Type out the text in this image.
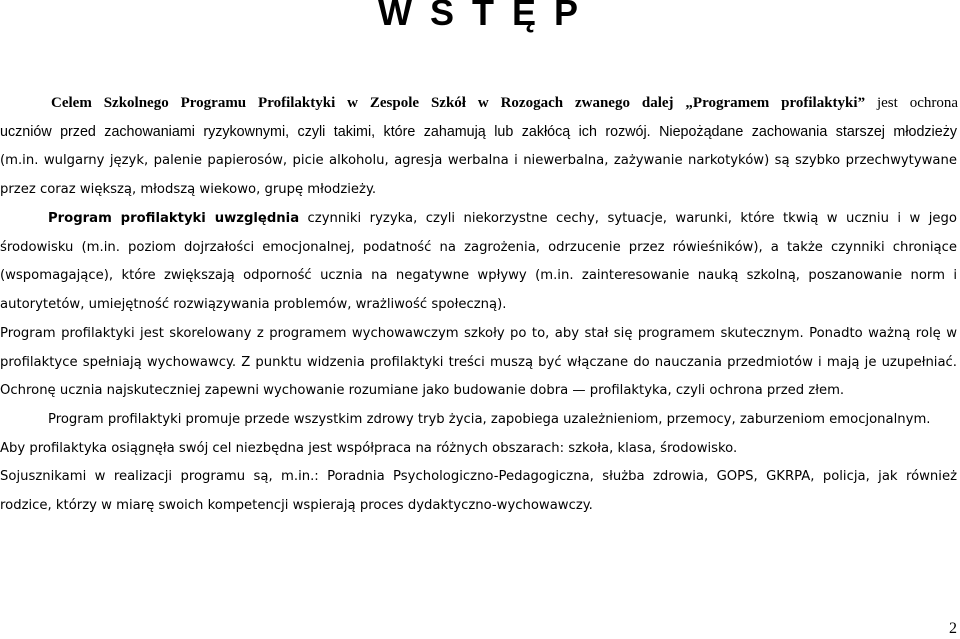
W S T Ę P

Celem Szkolnego Programu Profilaktyki w Zespole Szkół w Rozogach zwanego dalej „Programem profilaktyki” jest ochrona

uczniów przed zachowaniami ryzykownymi, czyli takimi, które zahamują lub zakłócą ich rozwój. Niepożądane zachowania starszej młodzieży

(m.in. wulgarny język, palenie papierosów, picie alkoholu, agresja werbalna i niewerbalna, zażywanie narkotyków) są szybko przechwytywane

przez coraz większą, młodszą wiekowo, grupę młodzieży.

Program profilaktyki uwzględnia czynniki ryzyka, czyli niekorzystne cechy, sytuacje, warunki, które tkwią w uczniu i w jego

środowisku (m.in. poziom dojrzałości emocjonalnej, podatność na zagrożenia, odrzucenie przez rówieśników), a także czynniki chroniące

(wspomagające), które zwiększają odporność ucznia na negatywne wpływy (m.in. zainteresowanie nauką szkolną, poszanowanie norm i

autorytetów, umiejętność rozwiązywania problemów, wrażliwość społeczną).

Program profilaktyki jest skorelowany z programem wychowawczym szkoły po to, aby stał się programem skutecznym. Ponadto ważną rolę w

profilaktyce spełniają wychowawcy. Z punktu widzenia profilaktyki treści muszą być włączane do nauczania przedmiotów i mają je uzupełniać.

Ochronę ucznia najskuteczniej zapewni wychowanie rozumiane jako budowanie dobra — profilaktyka, czyli ochrona przed złem.

Program profilaktyki promuje przede wszystkim zdrowy tryb życia, zapobiega uzależnieniom, przemocy, zaburzeniom emocjonalnym.

Aby profilaktyka osiągnęła swój cel niezbędna jest współpraca na różnych obszarach: szkoła, klasa, środowisko.

Sojusznikami w realizacji programu są, m.in.: Poradnia Psychologiczno-Pedagogiczna, służba zdrowia, GOPS, GKRPA, policja, jak również

rodzice, którzy w miarę swoich kompetencji wspierają proces dydaktyczno-wychowawczy.

2
